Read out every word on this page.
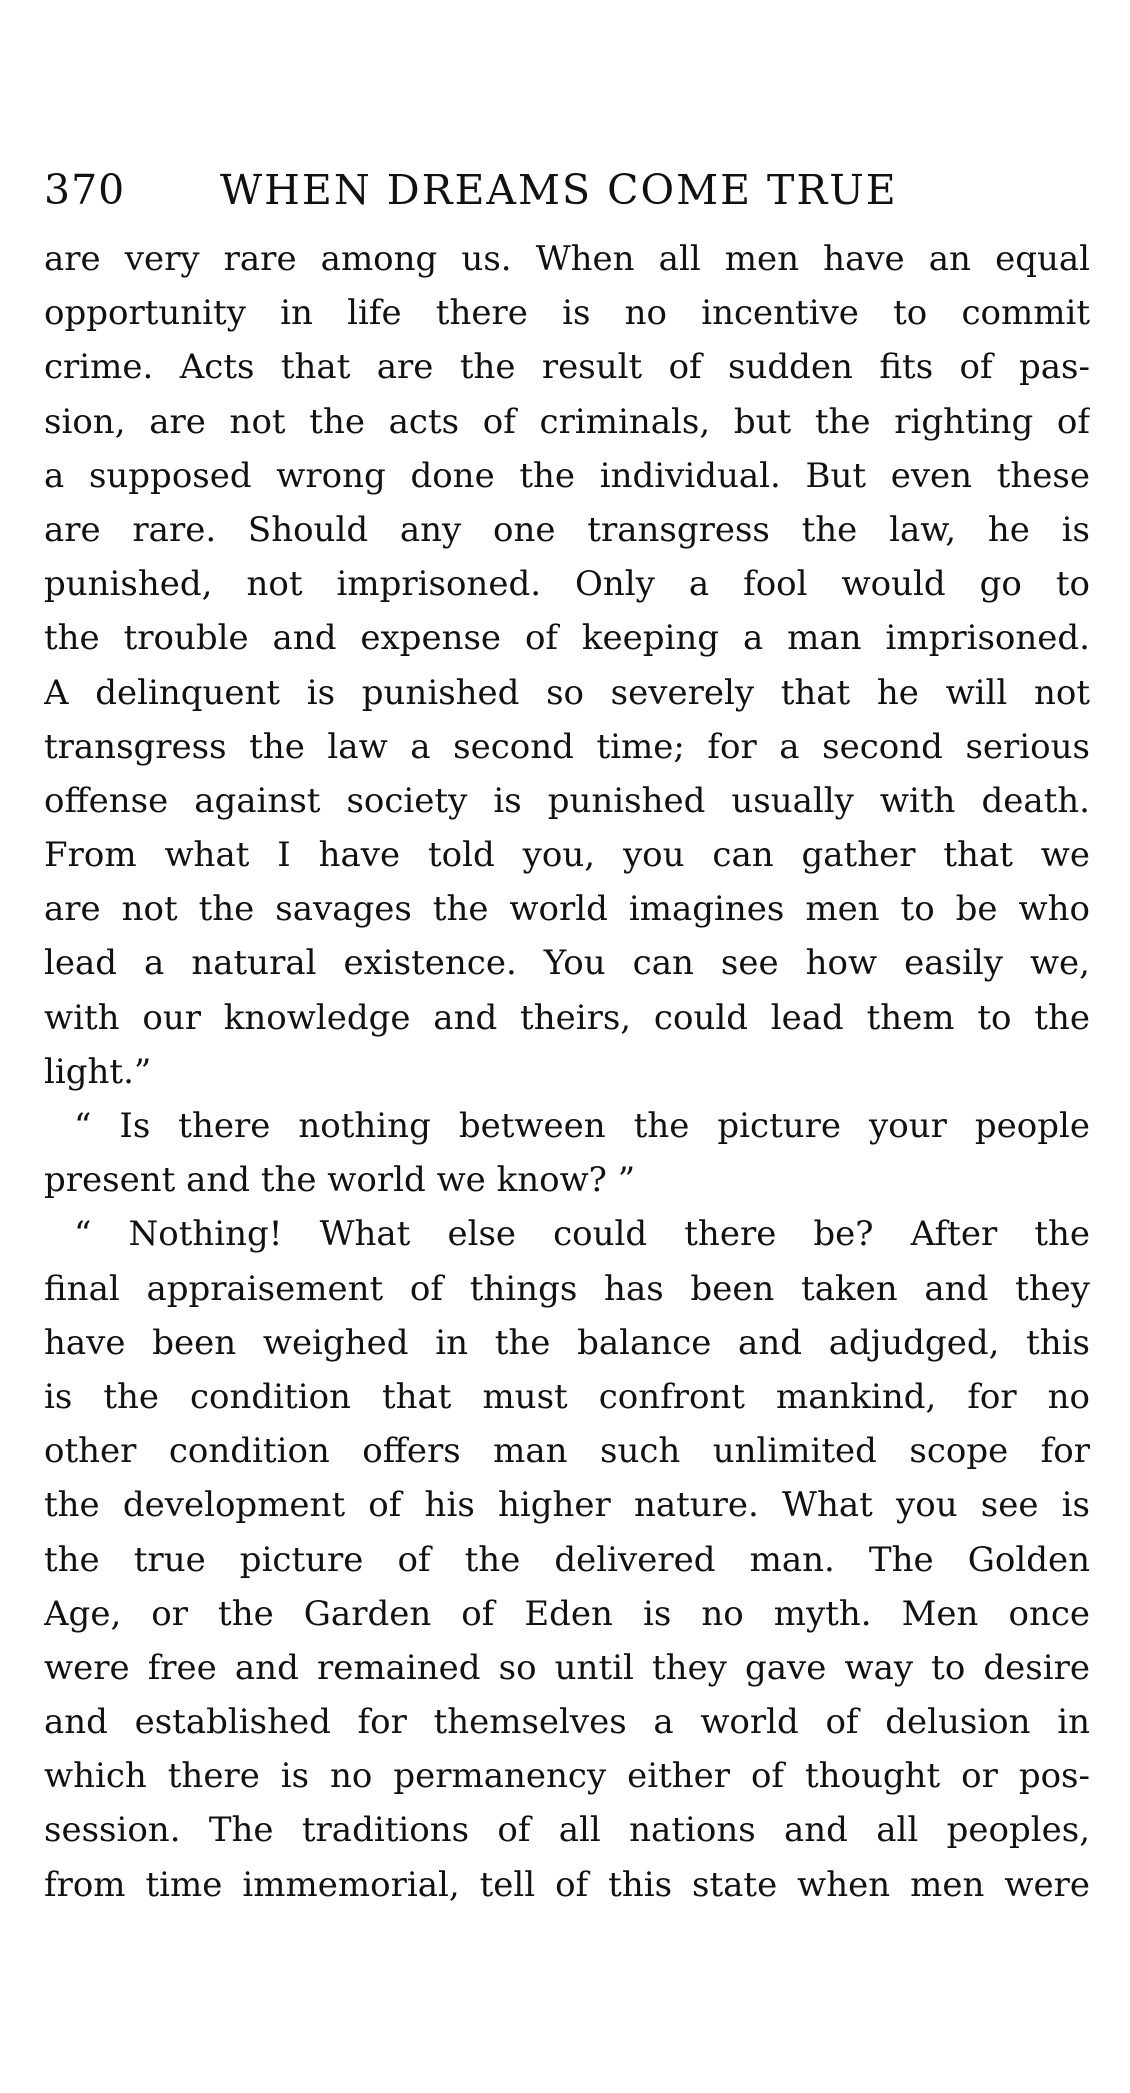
370 WHEN DREAMS COME TRUE
are very rare among us. When all men have an equal
opportunity in life there is no incentive to commit
crime. Acts that are the result of sudden fits of pas-
sion, are not the acts of criminals, but the righting of
a supposed wrong done the individual. But even these
are rare. Should any one transgress the law, he is
punished, not imprisoned. Only a fool would go to
the trouble and expense of keeping a man imprisoned.
A delinquent is punished so severely that he will not
transgress the law a second time; for a second serious
offense against society is punished usually with death.
From what I have told you, you can gather that we
are not the savages the world imagines men to be who
lead a natural existence. You can see how easily we,
with our knowledge and theirs, could lead them to the
light.”
“ Is there nothing between the picture your people
present and the world we know? ”
“ Nothing! What else could there be? After the
final appraisement of things has been taken and they
have been weighed in the balance and adjudged, this
is the condition that must confront mankind, for no
other condition offers man such unlimited scope for
the development of his higher nature. What you see is
the true picture of the delivered man. The Golden
Age, or the Garden of Eden is no myth. Men once
were free and remained so until they gave way to desire
and established for themselves a world of delusion in
which there is no permanency either of thought or pos-
session. The traditions of all nations and all peoples,
from time immemorial, tell of this state when men were
